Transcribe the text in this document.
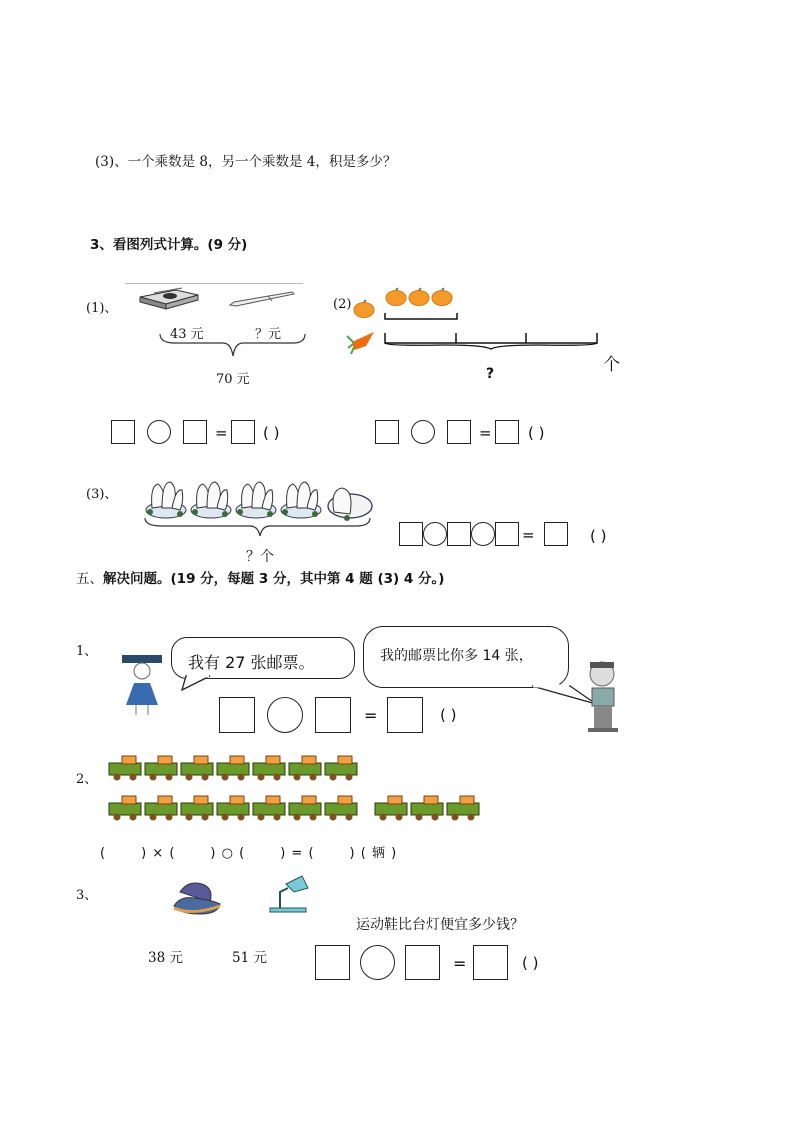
(3)、一个乘数是 8，另一个乘数是 4，积是多少？
3、看图列式计算。(9 分)
(1)、
43 元	？元
70 元
(2)
个
?
= ( )	= ( )
(3)、
？个
=	( )
五、解决问题。(19 分，每题 3 分，其中第 4 题 (3) 4 分。)
1、
我有 27 张邮票。	我的邮票比你多 14 张，
=	( )
2、
(	) × (	) ○ (	) = (	) ( 辆 )
3、
运动鞋比台灯便宜多少钱？
38 元	51 元	=	( )
